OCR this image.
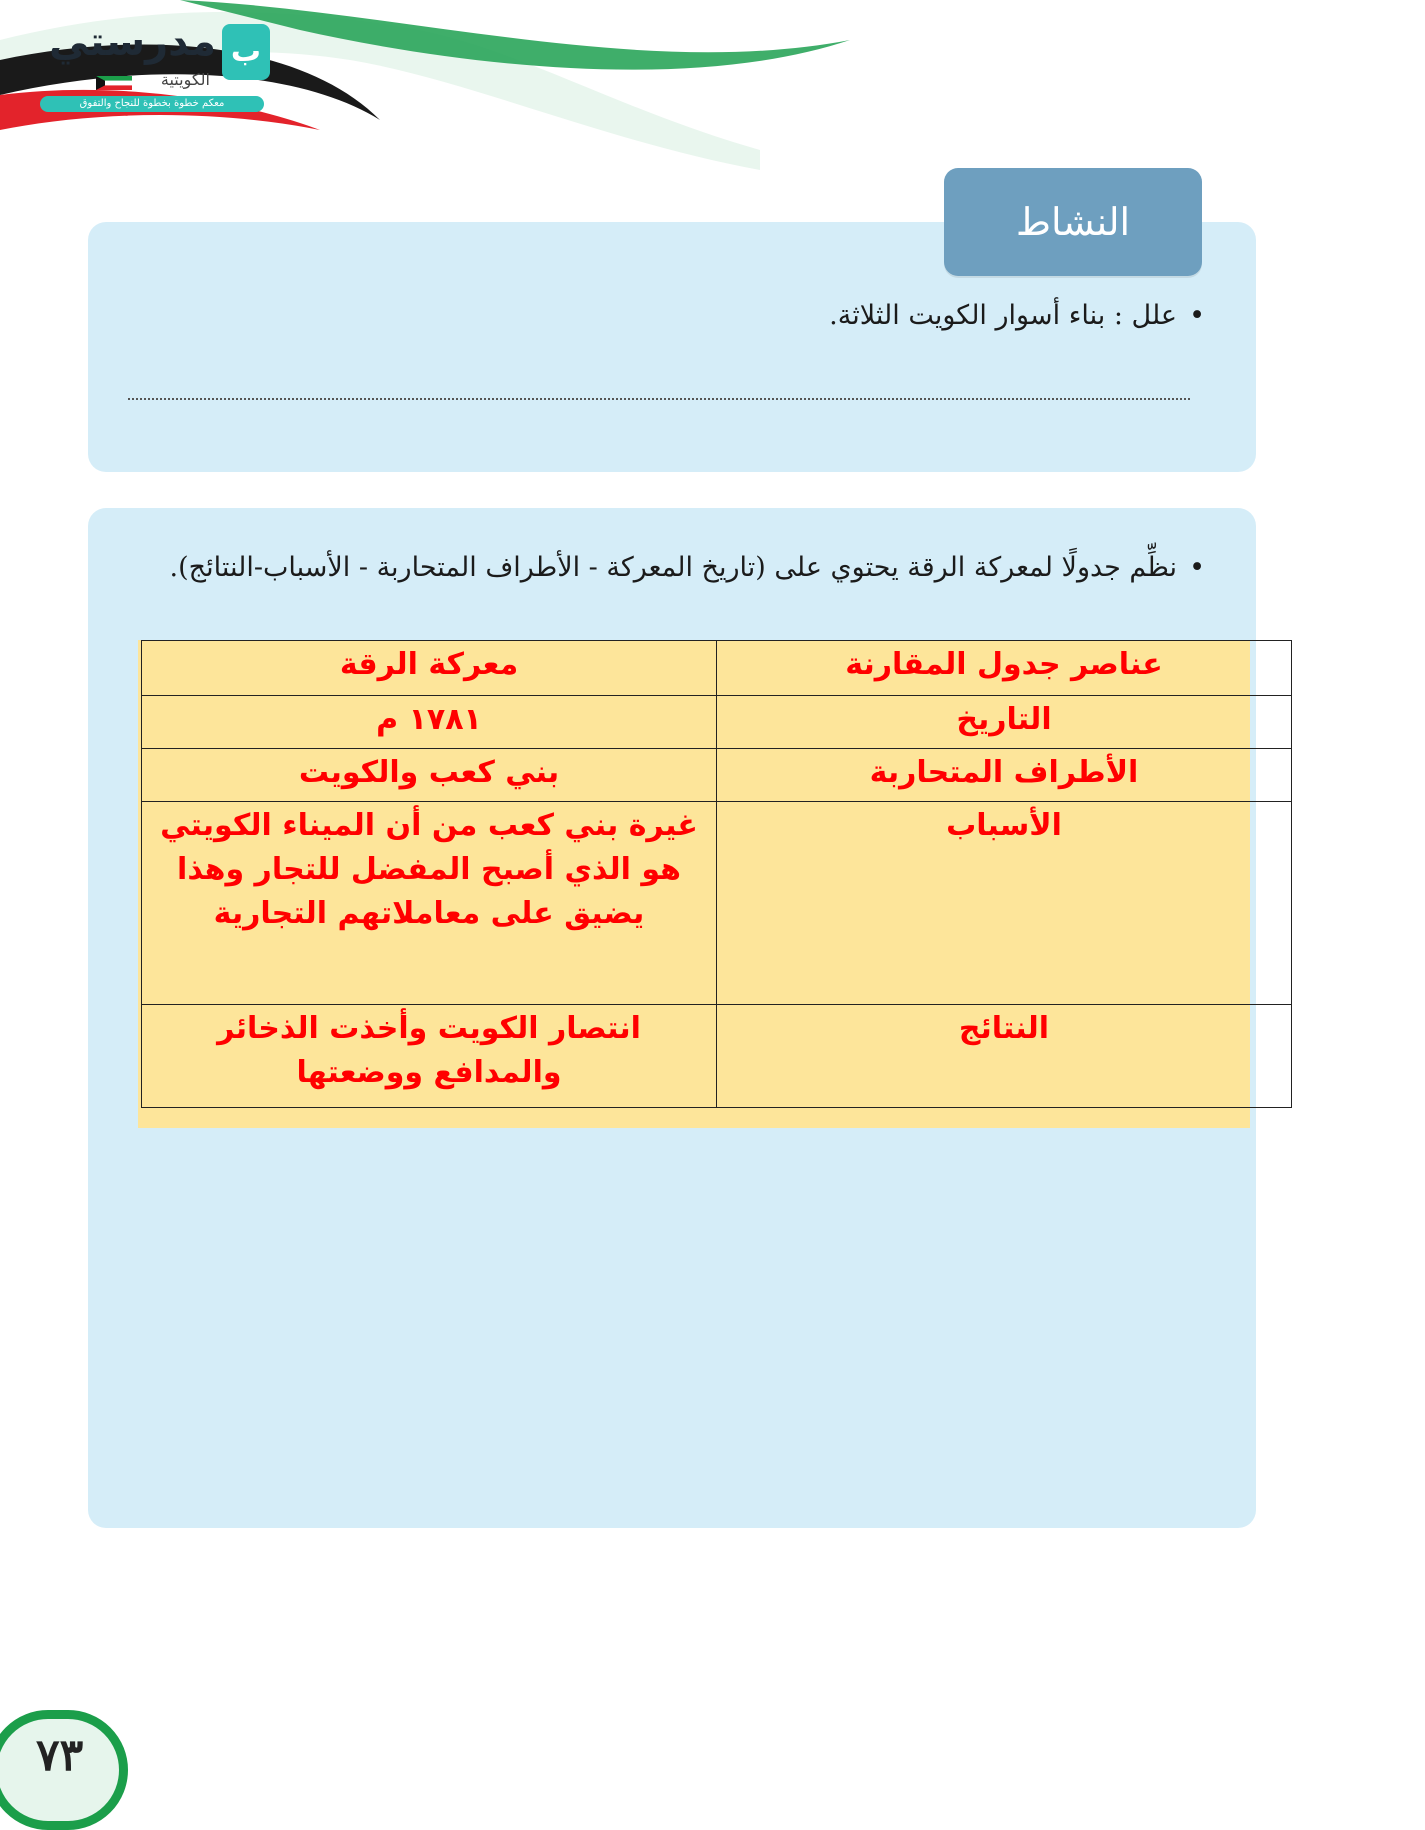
ب
مدرستي
الكويتية
معكم خطوة بخطوة للنجاح والتفوق
النشاط
•علل : بناء أسوار الكويت الثلاثة.
•نظِّم جدولًا لمعركة الرقة يحتوي على (تاريخ المعركة - الأطراف المتحاربة - الأسباب-النتائج).
عناصر جدول المقارنة	معركة الرقة
التاريخ	١٧٨١ م
الأطراف المتحاربة	بني كعب والكويت
الأسباب	غيرة بني كعب من أن الميناء الكويتي هو الذي أصبح المفضل للتجار وهذا يضيق على معاملاتهم التجارية
النتائج	انتصار الكويت وأخذت الذخائر والمدافع ووضعتها
٧٣
